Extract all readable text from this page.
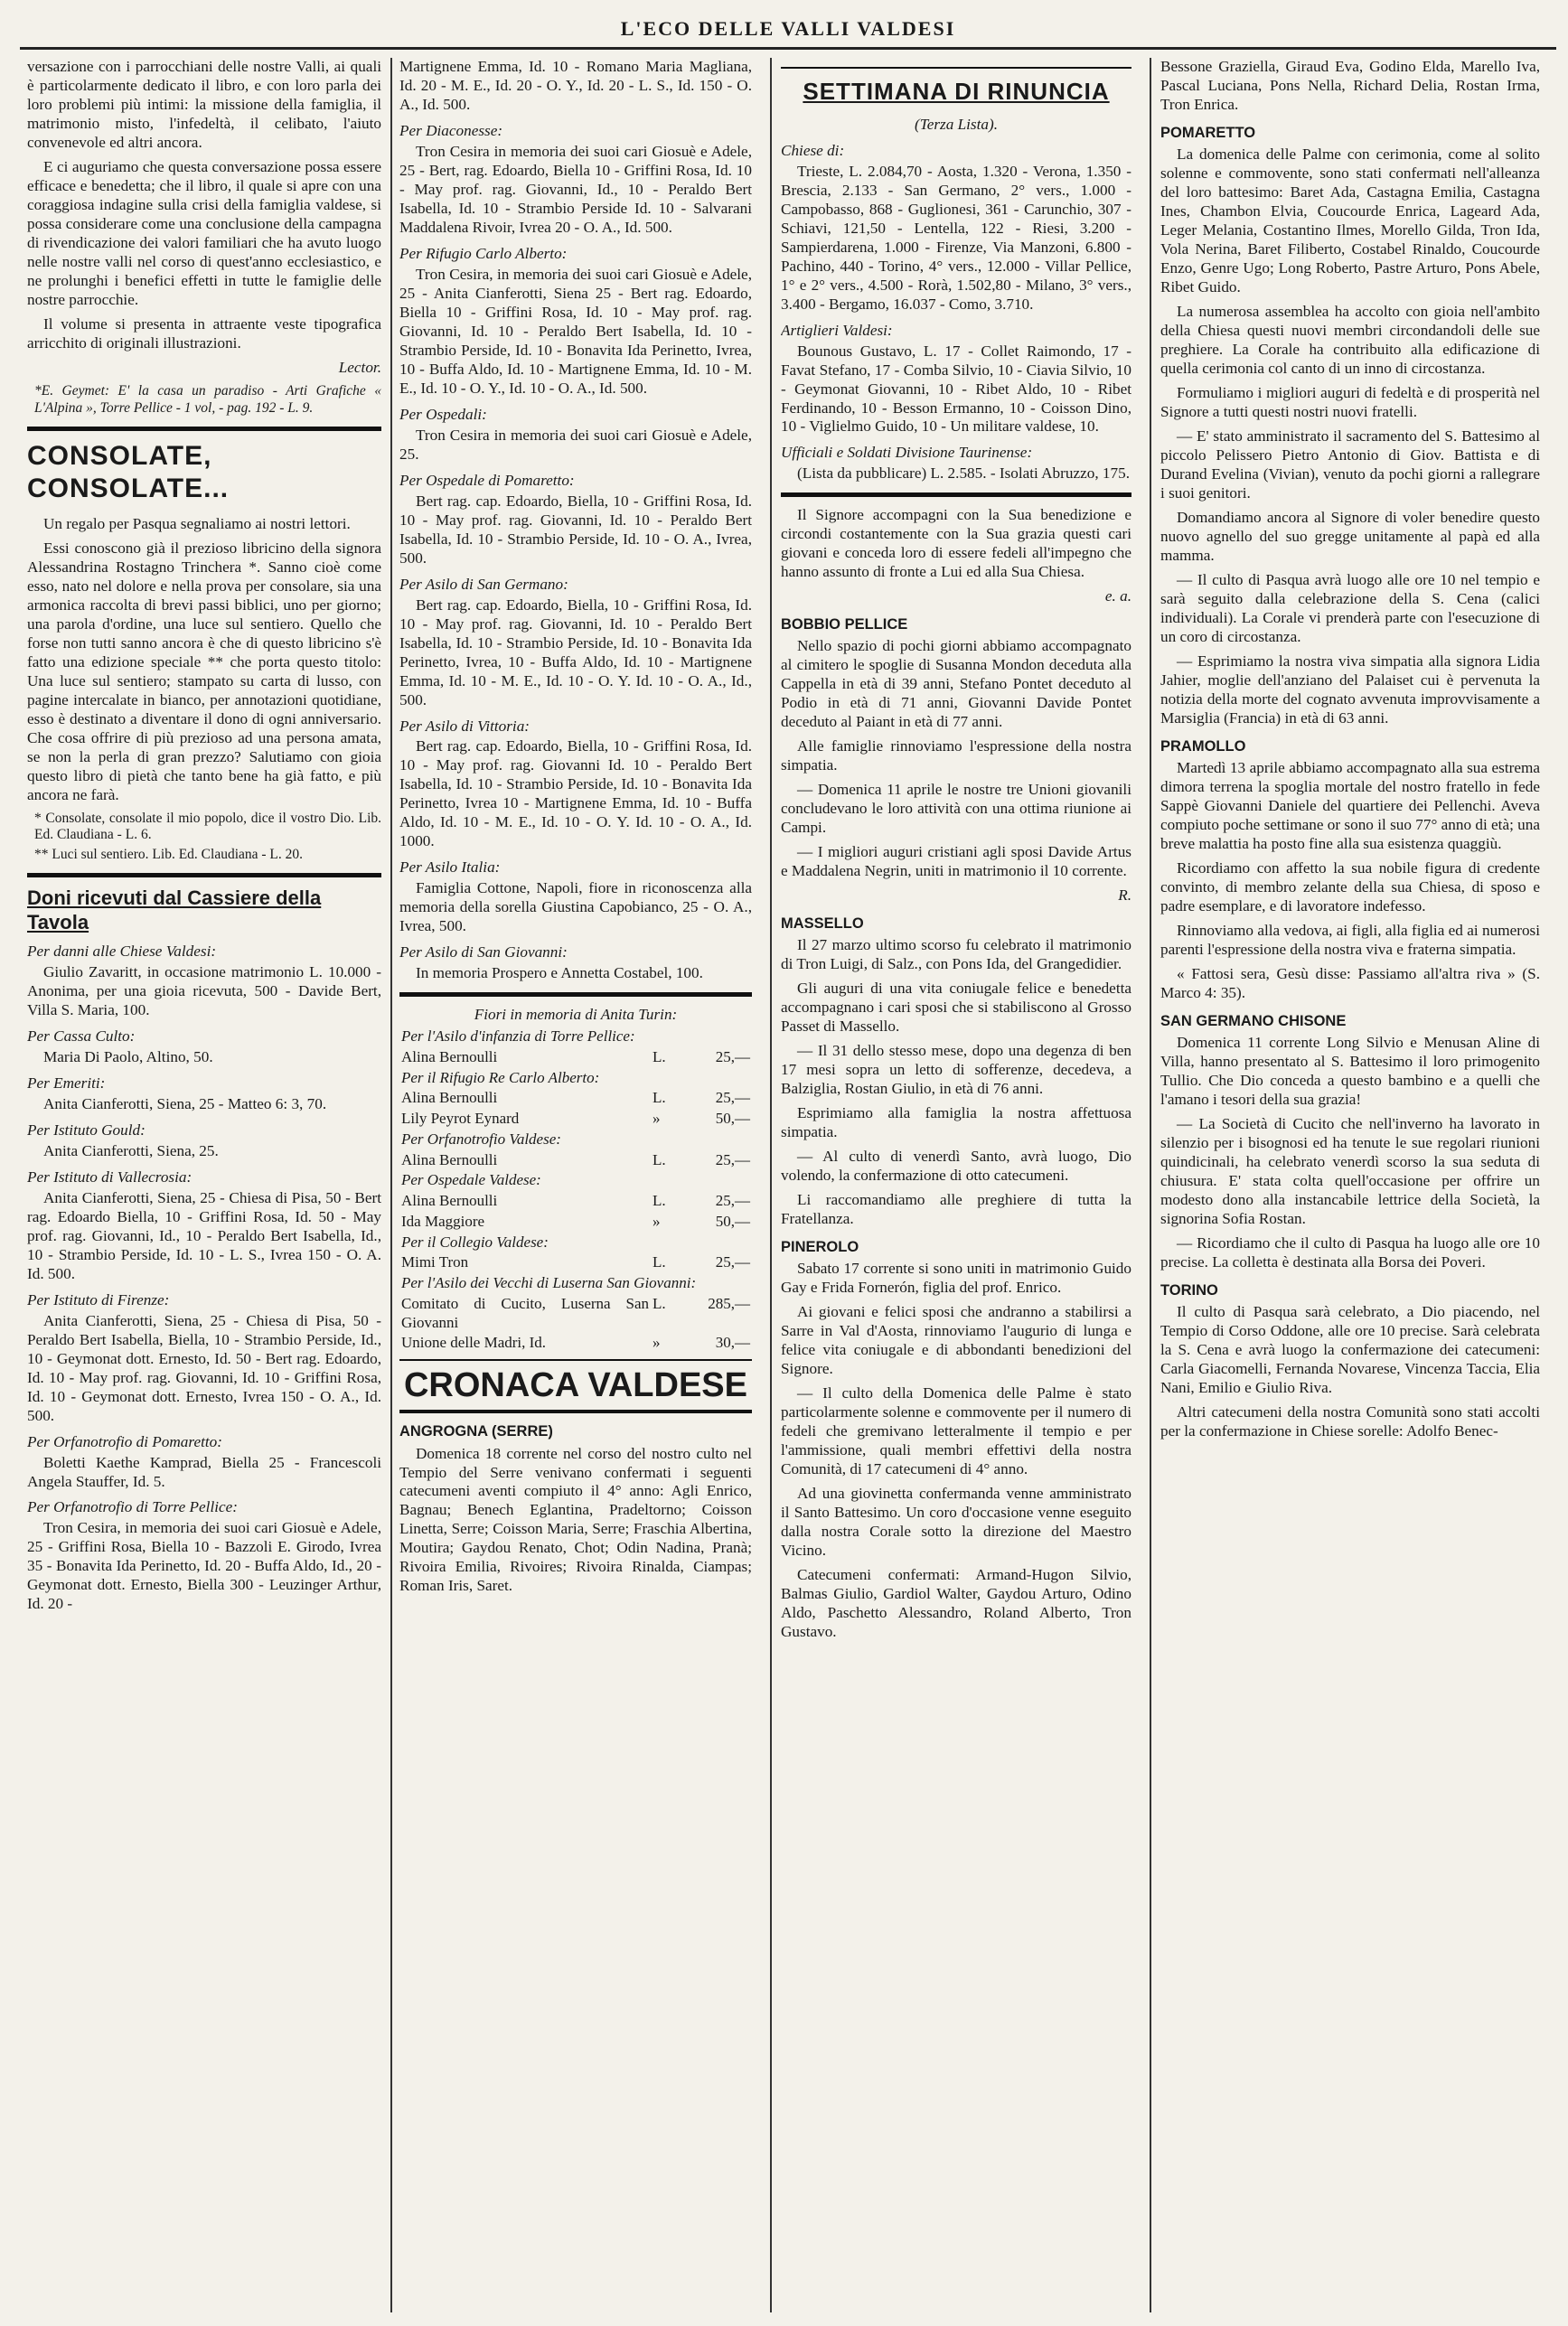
L'ECO DELLE VALLI VALDESI

versazione con i parrocchiani delle nostre Valli, ai quali è particolarmente dedicato il libro, e con loro parla dei loro problemi più intimi: la missione della famiglia, il matrimonio misto, l'infedeltà, il celibato, l'aiuto convenevole ed altri ancora.

E ci auguriamo che questa conversazione possa essere efficace e benedetta; che il libro, il quale si apre con una coraggiosa indagine sulla crisi della famiglia valdese, si possa considerare come una conclusione della campagna di rivendicazione dei valori familiari che ha avuto luogo nelle nostre valli nel corso di quest'anno ecclesiastico, e ne prolunghi i benefici effetti in tutte le famiglie delle nostre parrocchie.

Il volume si presenta in attraente veste tipografica arricchito di originali illustrazioni.

Lector.
*E. Geymet: E' la casa un paradiso - Arti Grafiche « L'Alpina », Torre Pellice - 1 vol, - pag. 192 - L. 9.
CONSOLATE, CONSOLATE...

Un regalo per Pasqua segnaliamo ai nostri lettori.

Essi conoscono già il prezioso libricino della signora Alessandrina Rostagno Trinchera *. Sanno cioè come esso, nato nel dolore e nella prova per consolare, sia una armonica raccolta di brevi passi biblici, uno per giorno; una parola d'ordine, una luce sul sentiero. Quello che forse non tutti sanno ancora è che di questo libricino s'è fatto una edizione speciale ** che porta questo titolo: Una luce sul sentiero; stampato su carta di lusso, con pagine intercalate in bianco, per annotazioni quotidiane, esso è destinato a diventare il dono di ogni anniversario. Che cosa offrire di più prezioso ad una persona amata, se non la perla di gran prezzo? Salutiamo con gioia questo libro di pietà che tanto bene ha già fatto, e più ancora ne farà.

* Consolate, consolate il mio popolo, dice il vostro Dio. Lib. Ed. Claudiana - L. 6.
** Luci sul sentiero. Lib. Ed. Claudiana - L. 20.
Doni ricevuti dal Cassiere della Tavola
Per danni alle Chiese Valdesi:

Giulio Zavaritt, in occasione matrimonio L. 10.000 - Anonima, per una gioia ricevuta, 500 - Davide Bert, Villa S. Maria, 100.

Per Cassa Culto:

Maria Di Paolo, Altino, 50.

Per Emeriti:

Anita Cianferotti, Siena, 25 - Matteo 6: 3, 70.

Per Istituto Gould:

Anita Cianferotti, Siena, 25.

Per Istituto di Vallecrosia:

Anita Cianferotti, Siena, 25 - Chiesa di Pisa, 50 - Bert rag. Edoardo Biella, 10 - Griffini Rosa, Id. 50 - May prof. rag. Giovanni, Id., 10 - Peraldo Bert Isabella, Id., 10 - Strambio Perside, Id. 10 - L. S., Ivrea 150 - O. A. Id. 500.

Per Istituto di Firenze:

Anita Cianferotti, Siena, 25 - Chiesa di Pisa, 50 - Peraldo Bert Isabella, Biella, 10 - Strambio Perside, Id., 10 - Geymonat dott. Ernesto, Id. 50 - Bert rag. Edoardo, Id. 10 - May prof. rag. Giovanni, Id. 10 - Griffini Rosa, Id. 10 - Geymonat dott. Ernesto, Ivrea 150 - O. A., Id. 500.

Per Orfanotrofio di Pomaretto:

Boletti Kaethe Kamprad, Biella 25 - Francescoli Angela Stauffer, Id. 5.

Per Orfanotrofio di Torre Pellice:

Tron Cesira, in memoria dei suoi cari Giosuè e Adele, 25 - Griffini Rosa, Biella 10 - Bazzoli E. Girodo, Ivrea 35 - Bonavita Ida Perinetto, Id. 20 - Buffa Aldo, Id., 20 - Geymonat dott. Ernesto, Biella 300 - Leuzinger Arthur, Id. 20 -

Martignene Emma, Id. 10 - Romano Maria Magliana, Id. 20 - M. E., Id. 20 - O. Y., Id. 20 - L. S., Id. 150 - O. A., Id. 500.

Per Diaconesse:

Tron Cesira in memoria dei suoi cari Giosuè e Adele, 25 - Bert, rag. Edoardo, Biella 10 - Griffini Rosa, Id. 10 - May prof. rag. Giovanni, Id., 10 - Peraldo Bert Isabella, Id. 10 - Strambio Perside Id. 10 - Salvarani Maddalena Rivoir, Ivrea 20 - O. A., Id. 500.

Per Rifugio Carlo Alberto:

Tron Cesira, in memoria dei suoi cari Giosuè e Adele, 25 - Anita Cianferotti, Siena 25 - Bert rag. Edoardo, Biella 10 - Griffini Rosa, Id. 10 - May prof. rag. Giovanni, Id. 10 - Peraldo Bert Isabella, Id. 10 - Strambio Perside, Id. 10 - Bonavita Ida Perinetto, Ivrea, 10 - Buffa Aldo, Id. 10 - Martignene Emma, Id. 10 - M. E., Id. 10 - O. Y., Id. 10 - O. A., Id. 500.

Per Ospedali:

Tron Cesira in memoria dei suoi cari Giosuè e Adele, 25.

Per Ospedale di Pomaretto:

Bert rag. cap. Edoardo, Biella, 10 - Griffini Rosa, Id. 10 - May prof. rag. Giovanni, Id. 10 - Peraldo Bert Isabella, Id. 10 - Strambio Perside, Id. 10 - O. A., Ivrea, 500.

Per Asilo di San Germano:

Bert rag. cap. Edoardo, Biella, 10 - Griffini Rosa, Id. 10 - May prof. rag. Giovanni, Id. 10 - Peraldo Bert Isabella, Id. 10 - Strambio Perside, Id. 10 - Bonavita Ida Perinetto, Ivrea, 10 - Buffa Aldo, Id. 10 - Martignene Emma, Id. 10 - M. E., Id. 10 - O. Y. Id. 10 - O. A., Id., 500.

Per Asilo di Vittoria:

Bert rag. cap. Edoardo, Biella, 10 - Griffini Rosa, Id. 10 - May prof. rag. Giovanni Id. 10 - Peraldo Bert Isabella, Id. 10 - Strambio Perside, Id. 10 - Bonavita Ida Perinetto, Ivrea 10 - Martignene Emma, Id. 10 - Buffa Aldo, Id. 10 - M. E., Id. 10 - O. Y. Id. 10 - O. A., Id. 1000.

Per Asilo Italia:

Famiglia Cottone, Napoli, fiore in riconoscenza alla memoria della sorella Giustina Capobianco, 25 - O. A., Ivrea, 500.

Per Asilo di San Giovanni:

In memoria Prospero e Annetta Costabel, 100.

Fiori in memoria di Anita Turin:
Per l'Asilo d'infanzia di Torre Pellice:		
Alina Bernoulli	L.	25,—
Per il Rifugio Re Carlo Alberto:		
Alina Bernoulli	L.	25,—
Lily Peyrot Eynard	»	50,—
Per Orfanotrofio Valdese:		
Alina Bernoulli	L.	25,—
Per Ospedale Valdese:		
Alina Bernoulli	L.	25,—
Ida Maggiore	»	50,—
Per il Collegio Valdese:		
Mimi Tron	L.	25,—
Per l'Asilo dei Vecchi di Luserna San Giovanni:		
Comitato di Cucito, Luserna San Giovanni	L.	285,—
Unione delle Madri, Id.	»	30,—
CRONACA VALDESE
ANGROGNA (SERRE)

Domenica 18 corrente nel corso del nostro culto nel Tempio del Serre venivano confermati i seguenti catecumeni aventi compiuto il 4° anno: Agli Enrico, Bagnau; Benech Eglantina, Pradeltorno; Coisson Linetta, Serre; Coisson Maria, Serre; Fraschia Albertina, Moutira; Gaydou Renato, Chot; Odin Nadina, Pranà; Rivoira Emilia, Rivoires; Rivoira Rinalda, Ciampas; Roman Iris, Saret.

SETTIMANA DI RINUNCIA
(Terza Lista).
Chiese di:

Trieste, L. 2.084,70 - Aosta, 1.320 - Verona, 1.350 - Brescia, 2.133 - San Germano, 2° vers., 1.000 - Campobasso, 868 - Guglionesi, 361 - Carunchio, 307 - Schiavi, 121,50 - Lentella, 122 - Riesi, 3.200 - Sampierdarena, 1.000 - Firenze, Via Manzoni, 6.800 - Pachino, 440 - Torino, 4° vers., 12.000 - Villar Pellice, 1° e 2° vers., 4.500 - Rorà, 1.502,80 - Milano, 3° vers., 3.400 - Bergamo, 16.037 - Como, 3.710.

Artiglieri Valdesi:

Bounous Gustavo, L. 17 - Collet Raimondo, 17 - Favat Stefano, 17 - Comba Silvio, 10 - Ciavia Silvio, 10 - Geymonat Giovanni, 10 - Ribet Aldo, 10 - Ribet Ferdinando, 10 - Besson Ermanno, 10 - Coisson Dino, 10 - Viglielmo Guido, 10 - Un militare valdese, 10.

Ufficiali e Soldati Divisione Taurinense:

(Lista da pubblicare) L. 2.585. - Isolati Abruzzo, 175.

Il Signore accompagni con la Sua benedizione e circondi costantemente con la Sua grazia questi cari giovani e conceda loro di essere fedeli all'impegno che hanno assunto di fronte a Lui ed alla Sua Chiesa.

e. a.
BOBBIO PELLICE

Nello spazio di pochi giorni abbiamo accompagnato al cimitero le spoglie di Susanna Mondon deceduta alla Cappella in età di 39 anni, Stefano Pontet deceduto al Podio in età di 71 anni, Giovanni Davide Pontet deceduto al Paiant in età di 77 anni.

Alle famiglie rinnoviamo l'espressione della nostra simpatia.

— Domenica 11 aprile le nostre tre Unioni giovanili concludevano le loro attività con una ottima riunione ai Campi.

— I migliori auguri cristiani agli sposi Davide Artus e Maddalena Negrin, uniti in matrimonio il 10 corrente.

R.
MASSELLO

Il 27 marzo ultimo scorso fu celebrato il matrimonio di Tron Luigi, di Salz., con Pons Ida, del Grangedidier.

Gli auguri di una vita coniugale felice e benedetta accompagnano i cari sposi che si stabiliscono al Grosso Passet di Massello.

— Il 31 dello stesso mese, dopo una degenza di ben 17 mesi sopra un letto di sofferenze, decedeva, a Balziglia, Rostan Giulio, in età di 76 anni.

Esprimiamo alla famiglia la nostra affettuosa simpatia.

— Al culto di venerdì Santo, avrà luogo, Dio volendo, la confermazione di otto catecumeni.

Li raccomandiamo alle preghiere di tutta la Fratellanza.

PINEROLO

Sabato 17 corrente si sono uniti in matrimonio Guido Gay e Frida Fornerón, figlia del prof. Enrico.

Ai giovani e felici sposi che andranno a stabilirsi a Sarre in Val d'Aosta, rinnoviamo l'augurio di lunga e felice vita coniugale e di abbondanti benedizioni del Signore.

— Il culto della Domenica delle Palme è stato particolarmente solenne e commovente per il numero di fedeli che gremivano letteralmente il tempio e per l'ammissione, quali membri effettivi della nostra Comunità, di 17 catecumeni di 4° anno.

Ad una giovinetta confermanda venne amministrato il Santo Battesimo. Un coro d'occasione venne eseguito dalla nostra Corale sotto la direzione del Maestro Vicino.

Catecumeni confermati: Armand-Hugon Silvio, Balmas Giulio, Gardiol Walter, Gaydou Arturo, Odino Aldo, Paschetto Alessandro, Roland Alberto, Tron Gustavo.

Bessone Graziella, Giraud Eva, Godino Elda, Marello Iva, Pascal Luciana, Pons Nella, Richard Delia, Rostan Irma, Tron Enrica.

POMARETTO

La domenica delle Palme con cerimonia, come al solito solenne e commovente, sono stati confermati nell'alleanza del loro battesimo: Baret Ada, Castagna Emilia, Castagna Ines, Chambon Elvia, Coucourde Enrica, Lageard Ada, Leger Melania, Costantino Ilmes, Morello Gilda, Tron Ida, Vola Nerina, Baret Filiberto, Costabel Rinaldo, Coucourde Enzo, Genre Ugo; Long Roberto, Pastre Arturo, Pons Abele, Ribet Guido.

La numerosa assemblea ha accolto con gioia nell'ambito della Chiesa questi nuovi membri circondandoli delle sue preghiere. La Corale ha contribuito alla edificazione di quella cerimonia col canto di un inno di circostanza.

Formuliamo i migliori auguri di fedeltà e di prosperità nel Signore a tutti questi nostri nuovi fratelli.

— E' stato amministrato il sacramento del S. Battesimo al piccolo Pelissero Pietro Antonio di Giov. Battista e di Durand Evelina (Vivian), venuto da pochi giorni a rallegrare i suoi genitori.

Domandiamo ancora al Signore di voler benedire questo nuovo agnello del suo gregge unitamente al papà ed alla mamma.

— Il culto di Pasqua avrà luogo alle ore 10 nel tempio e sarà seguito dalla celebrazione della S. Cena (calici individuali). La Corale vi prenderà parte con l'esecuzione di un coro di circostanza.

— Esprimiamo la nostra viva simpatia alla signora Lidia Jahier, moglie dell'anziano del Palaiset cui è pervenuta la notizia della morte del cognato avvenuta improvvisamente a Marsiglia (Francia) in età di 63 anni.

PRAMOLLO

Martedì 13 aprile abbiamo accompagnato alla sua estrema dimora terrena la spoglia mortale del nostro fratello in fede Sappè Giovanni Daniele del quartiere dei Pellenchi. Aveva compiuto poche settimane or sono il suo 77° anno di età; una breve malattia ha posto fine alla sua esistenza quaggiù.

Ricordiamo con affetto la sua nobile figura di credente convinto, di membro zelante della sua Chiesa, di sposo e padre esemplare, e di lavoratore indefesso.

Rinnoviamo alla vedova, ai figli, alla figlia ed ai numerosi parenti l'espressione della nostra viva e fraterna simpatia.

« Fattosi sera, Gesù disse: Passiamo all'altra riva » (S. Marco 4: 35).

SAN GERMANO CHISONE

Domenica 11 corrente Long Silvio e Menusan Aline di Villa, hanno presentato al S. Battesimo il loro primogenito Tullio. Che Dio conceda a questo bambino e a quelli che l'amano i tesori della sua grazia!

— La Società di Cucito che nell'inverno ha lavorato in silenzio per i bisognosi ed ha tenute le sue regolari riunioni quindicinali, ha celebrato venerdì scorso la sua seduta di chiusura. E' stata colta quell'occasione per offrire un modesto dono alla instancabile lettrice della Società, la signorina Sofia Rostan.

— Ricordiamo che il culto di Pasqua ha luogo alle ore 10 precise. La colletta è destinata alla Borsa dei Poveri.

TORINO

Il culto di Pasqua sarà celebrato, a Dio piacendo, nel Tempio di Corso Oddone, alle ore 10 precise. Sarà celebrata la S. Cena e avrà luogo la confermazione dei catecumeni: Carla Giacomelli, Fernanda Novarese, Vincenza Taccia, Elia Nani, Emilio e Giulio Riva.

Altri catecumeni della nostra Comunità sono stati accolti per la confermazione in Chiese sorelle: Adolfo Benec-
